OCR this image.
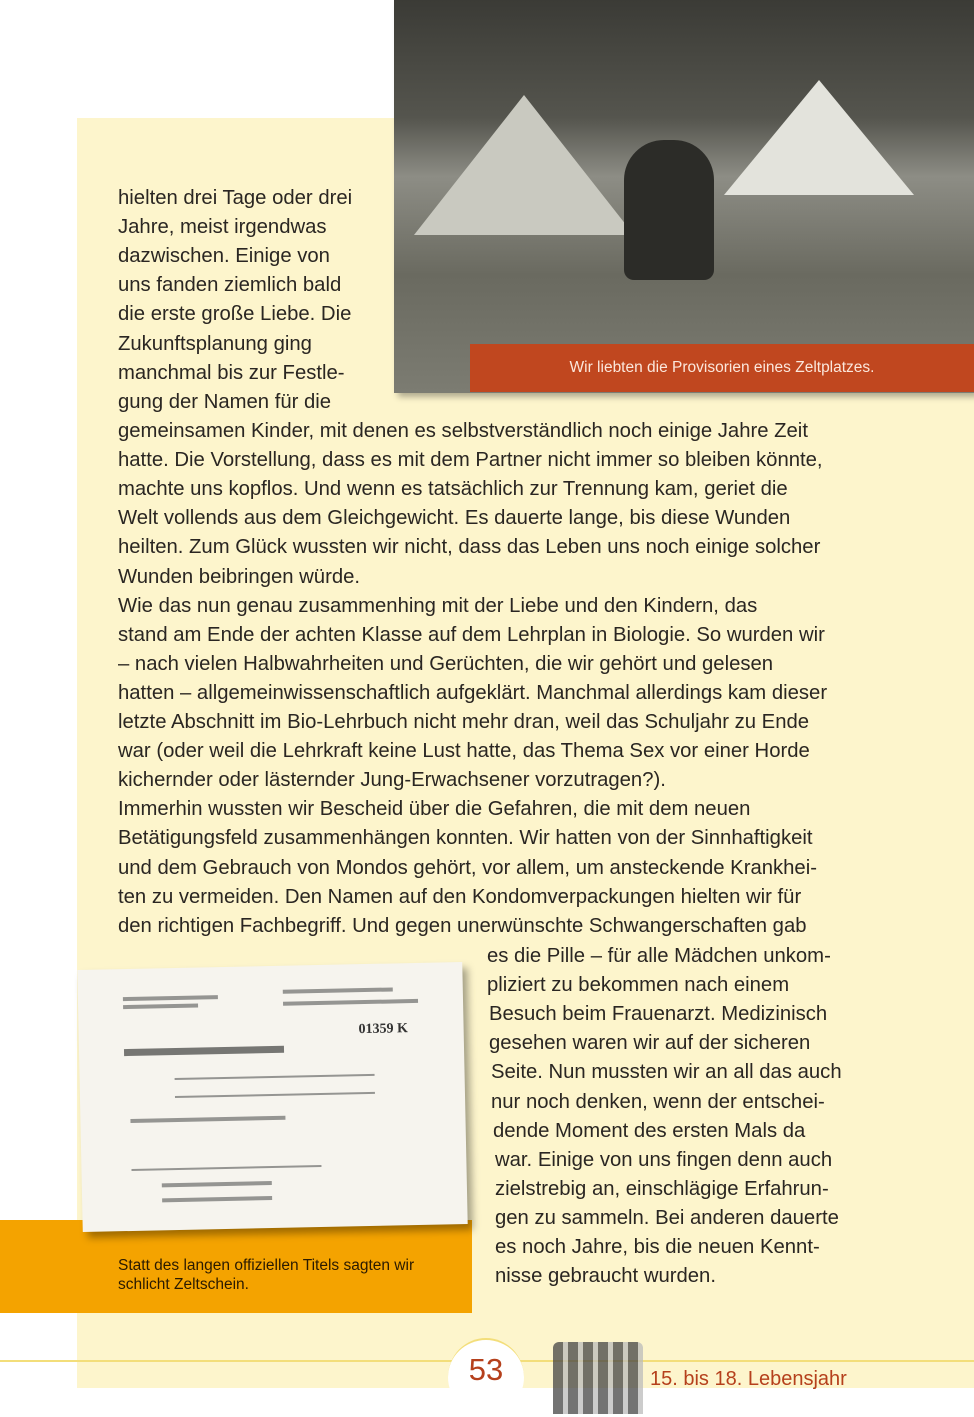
Wir liebten die Provisorien eines Zeltplatzes.
hielten drei Tage oder drei
Jahre, meist irgendwas
dazwischen. Einige von
uns fanden ziemlich bald
die erste große Liebe. Die
Zukunftsplanung ging
manchmal bis zur Festle-
gung der Namen für die
gemeinsamen Kinder, mit denen es selbstverständlich noch einige Jahre Zeit
hatte. Die Vorstellung, dass es mit dem Partner nicht immer so bleiben könnte,
machte uns kopflos. Und wenn es tatsächlich zur Trennung kam, geriet die
Welt vollends aus dem Gleichgewicht. Es dauerte lange, bis diese Wunden
heilten. Zum Glück wussten wir nicht, dass das Leben uns noch einige solcher
Wunden beibringen würde.
Wie das nun genau zusammenhing mit der Liebe und den Kindern, das
stand am Ende der achten Klasse auf dem Lehrplan in Biologie. So wurden wir
– nach vielen Halbwahrheiten und Gerüchten, die wir gehört und gelesen
hatten – allgemeinwissenschaftlich aufgeklärt. Manchmal allerdings kam dieser
letzte Abschnitt im Bio-Lehrbuch nicht mehr dran, weil das Schuljahr zu Ende
war (oder weil die Lehrkraft keine Lust hatte, das Thema Sex vor einer Horde
kichernder oder lästernder Jung-Erwachsener vorzutragen?).
Immerhin wussten wir Bescheid über die Gefahren, die mit dem neuen
Betätigungsfeld zusammenhängen konnten. Wir hatten von der Sinnhaftigkeit
und dem Gebrauch von Mondos gehört, vor allem, um ansteckende Krankhei-
ten zu vermeiden. Den Namen auf den Kondomverpackungen hielten wir für
den richtigen Fachbegriff. Und gegen unerwünschte Schwangerschaften gab
es die Pille – für alle Mädchen unkom-
pliziert zu bekommen nach einem
Besuch beim Frauenarzt. Medizinisch
gesehen waren wir auf der sicheren
Seite. Nun mussten wir an all das auch
nur noch denken, wenn der entschei-
dende Moment des ersten Mals da
war. Einige von uns fingen denn auch
zielstrebig an, einschlägige Erfahrun-
gen zu sammeln. Bei anderen dauerte
es noch Jahre, bis die neuen Kennt-
nisse gebraucht wurden.
01359 K
Statt des langen offiziellen Titels sagten wir schlicht Zeltschein.
53	15. bis 18. Lebensjahr
